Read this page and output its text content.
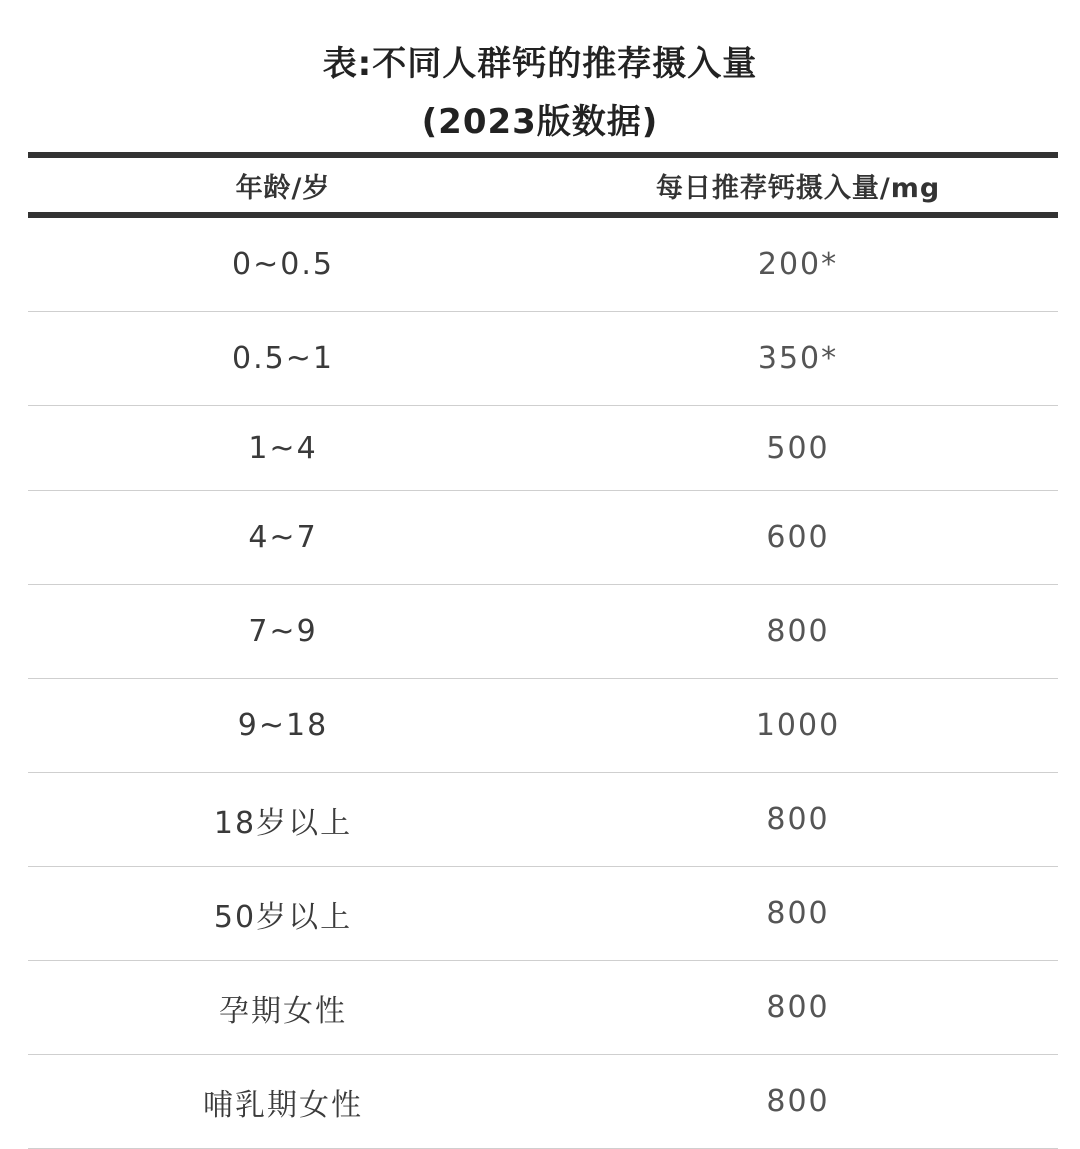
表:不同人群钙的推荐摄入量
(2023版数据)
年龄/岁	每日推荐钙摄入量/mg
0~0.5	200*
0.5~1	350*
1~4	500
4~7	600
7~9	800
9~18	1000
18岁以上	800
50岁以上	800
孕期女性	800
哺乳期女性	800
